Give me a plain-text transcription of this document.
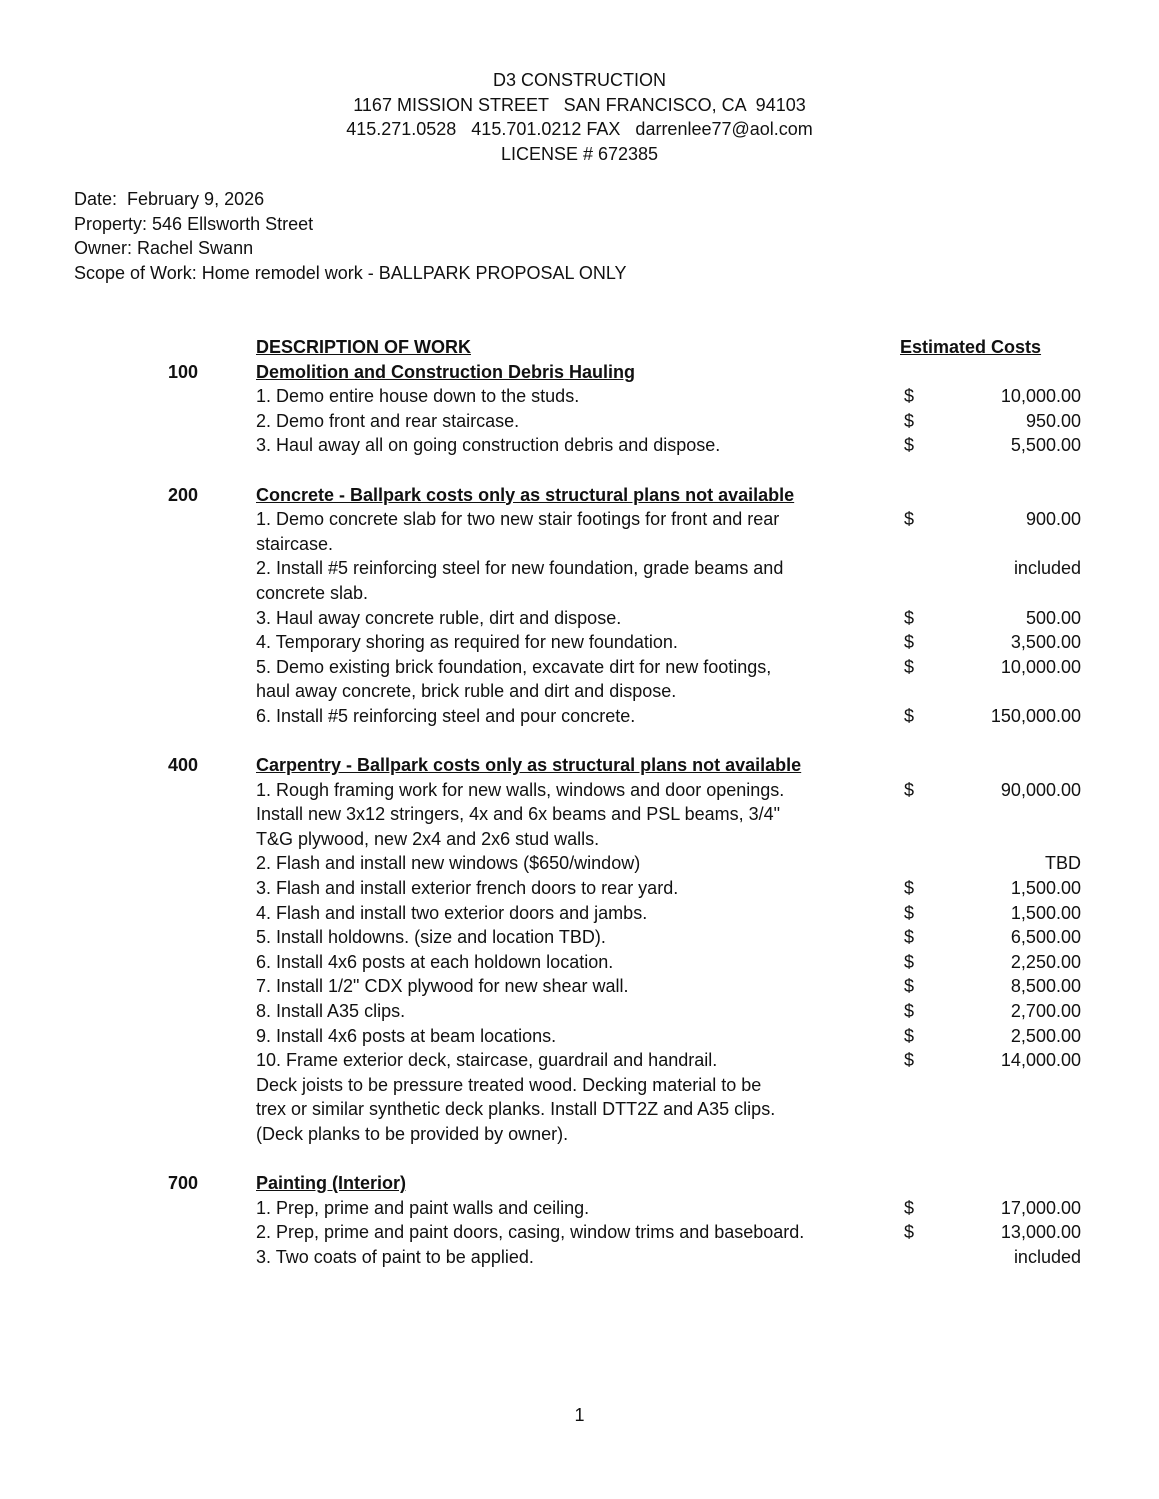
D3 CONSTRUCTION
1167 MISSION STREET   SAN FRANCISCO, CA  94103
415.271.0528   415.701.0212 FAX   darrenlee77@aol.com
LICENSE # 672385
Date:  February 9, 2026
Property: 546 Ellsworth Street
Owner: Rachel Swann
Scope of Work: Home remodel work - BALLPARK PROPOSAL ONLY
DESCRIPTION OF WORK	Estimated Costs
100	Demolition and Construction Debris Hauling
1. Demo entire house down to the studs.	$	10,000.00
2. Demo front and rear staircase.	$	950.00
3. Haul away all on going construction debris and dispose.	$	5,500.00
200	Concrete - Ballpark costs only as structural plans not available
1. Demo concrete slab for two new stair footings for front and rear	$	900.00
staircase.
2. Install #5 reinforcing steel for new foundation, grade beams and	included
concrete slab.
3. Haul away concrete ruble, dirt and dispose.	$	500.00
4. Temporary shoring as required for new foundation.	$	3,500.00
5. Demo existing brick foundation, excavate dirt for new footings,	$	10,000.00
haul away concrete, brick ruble and dirt and dispose.
6. Install #5 reinforcing steel and pour concrete.	$	150,000.00
400	Carpentry - Ballpark costs only as structural plans not available
1. Rough framing work for new walls, windows and door openings.	$	90,000.00
Install new 3x12 stringers, 4x and 6x beams and PSL beams, 3/4"
T&G plywood, new 2x4 and 2x6 stud walls.
2. Flash and install new windows ($650/window)	TBD
3. Flash and install exterior french doors to rear yard.	$	1,500.00
4. Flash and install two exterior doors and jambs.	$	1,500.00
5. Install holdowns. (size and location TBD).	$	6,500.00
6. Install 4x6 posts at each holdown location.	$	2,250.00
7. Install 1/2" CDX plywood for new shear wall.	$	8,500.00
8. Install A35 clips.	$	2,700.00
9. Install 4x6 posts at beam locations.	$	2,500.00
10. Frame exterior deck, staircase, guardrail and handrail.	$	14,000.00
Deck joists to be pressure treated wood. Decking material to be
trex or similar synthetic deck planks. Install DTT2Z and A35 clips.
(Deck planks to be provided by owner).
700	Painting (Interior)
1. Prep, prime and paint walls and ceiling.	$	17,000.00
2. Prep, prime and paint doors, casing, window trims and baseboard.	$	13,000.00
3. Two coats of paint to be applied.	included
1
